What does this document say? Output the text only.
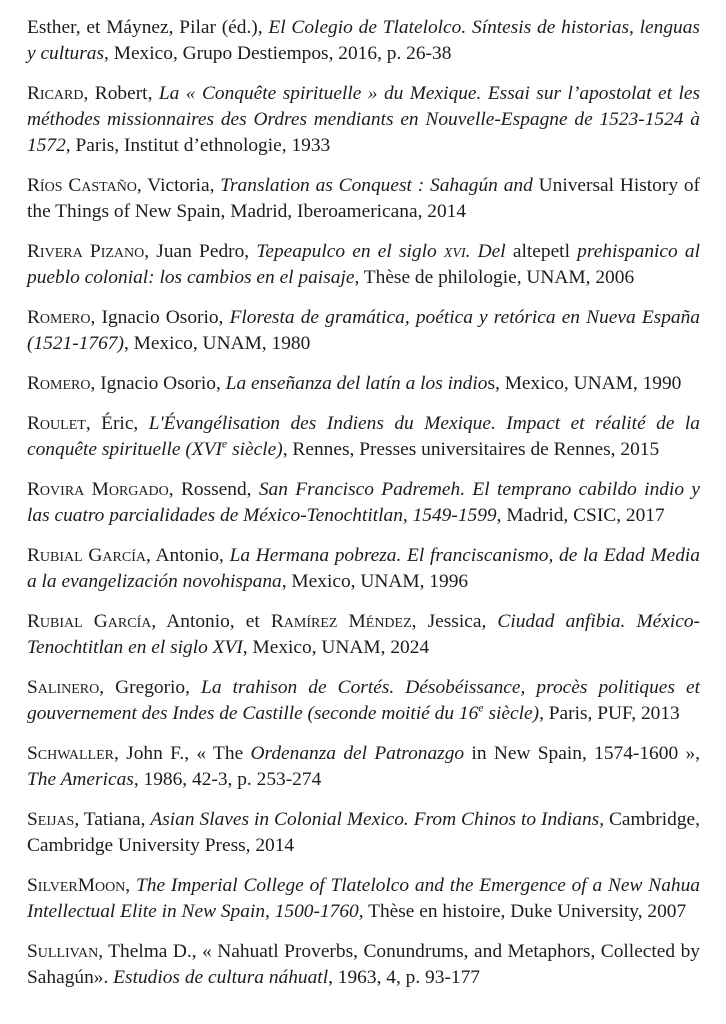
Esther, et Máynez, Pilar (éd.), El Colegio de Tlatelolco. Síntesis de historias, lenguas y culturas, Mexico, Grupo Destiempos, 2016, p. 26-38

Ricard, Robert, La « Conquête spirituelle » du Mexique. Essai sur l’apostolat et les méthodes missionnaires des Ordres mendiants en Nouvelle-Espagne de 1523-1524 à 1572, Paris, Institut d’ethnologie, 1933

Ríos Castaño, Victoria, Translation as Conquest : Sahagún and Universal History of the Things of New Spain, Madrid, Iberoamericana, 2014

Rivera Pizano, Juan Pedro, Tepeapulco en el siglo xvi. Del altepetl prehispanico al pueblo colonial: los cambios en el paisaje, Thèse de philologie, UNAM, 2006

Romero, Ignacio Osorio, Floresta de gramática, poética y retórica en Nueva España (1521-1767), Mexico, UNAM, 1980

Romero, Ignacio Osorio, La enseñanza del latín a los indios, Mexico, UNAM, 1990

Roulet, Éric, L'Évangélisation des Indiens du Mexique. Impact et réalité de la conquête spirituelle (XVIe siècle), Rennes, Presses universitaires de Rennes, 2015

Rovira Morgado, Rossend, San Francisco Padremeh. El temprano cabildo indio y las cuatro parcialidades de México-Tenochtitlan, 1549-1599, Madrid, CSIC, 2017

Rubial García, Antonio, La Hermana pobreza. El franciscanismo, de la Edad Media a la evangelización novohispana, Mexico, UNAM, 1996

Rubial García, Antonio, et Ramírez Méndez, Jessica, Ciudad anfibia. México-Tenochtitlan en el siglo XVI, Mexico, UNAM, 2024

Salinero, Gregorio, La trahison de Cortés. Désobéissance, procès politiques et gouvernement des Indes de Castille (seconde moitié du 16e siècle), Paris, PUF, 2013

Schwaller, John F., « The Ordenanza del Patronazgo in New Spain, 1574-1600 », The Americas, 1986, 42-3, p. 253-274

Seijas, Tatiana, Asian Slaves in Colonial Mexico. From Chinos to Indians, Cambridge, Cambridge University Press, 2014

SilverMoon, The Imperial College of Tlatelolco and the Emergence of a New Nahua Intellectual Elite in New Spain, 1500-1760, Thèse en histoire, Duke University, 2007

Sullivan, Thelma D., « Nahuatl Proverbs, Conundrums, and Metaphors, Collected by Sahagún». Estudios de cultura náhuatl, 1963, 4, p. 93-177
